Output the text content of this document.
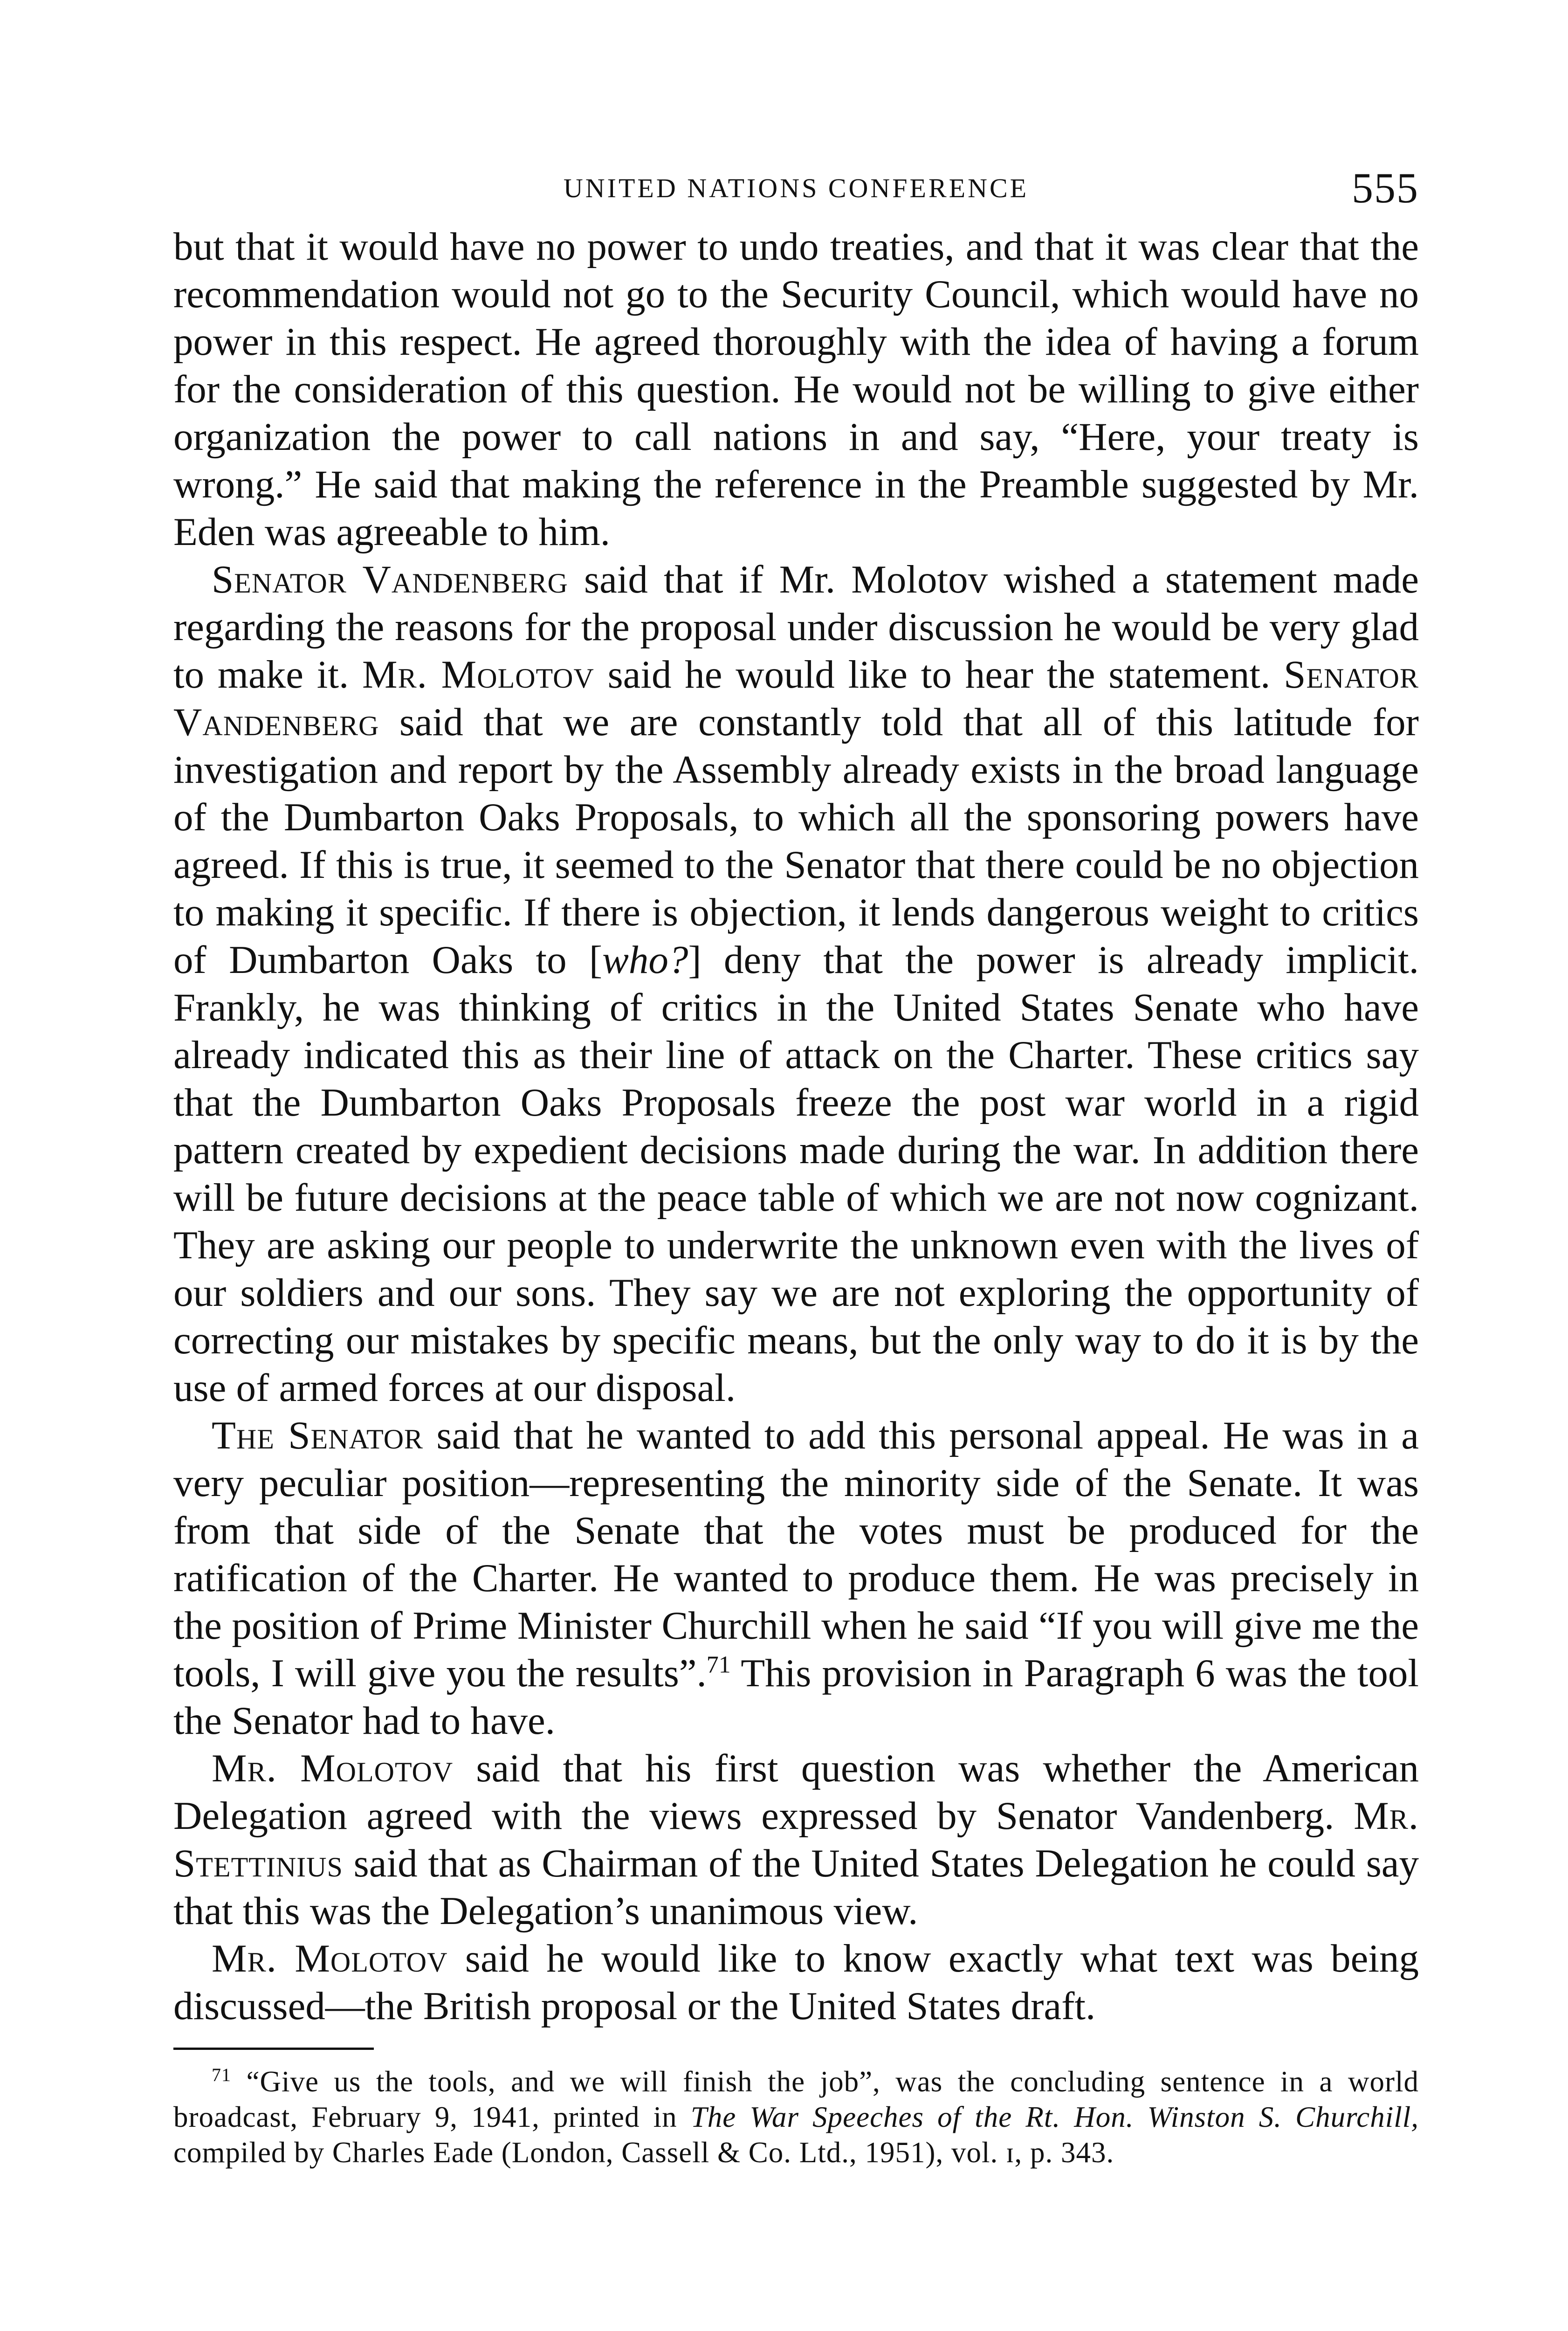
UNITED NATIONS CONFERENCE	555

but that it would have no power to undo treaties, and that it was clear that the recommendation would not go to the Security Council, which would have no power in this respect. He agreed thoroughly with the idea of having a forum for the consideration of this question. He would not be willing to give either organization the power to call nations in and say, “Here, your treaty is wrong.” He said that making the reference in the Preamble suggested by Mr. Eden was agreeable to him.

Senator Vandenberg said that if Mr. Molotov wished a statement made regarding the reasons for the proposal under discussion he would be very glad to make it. Mr. Molotov said he would like to hear the statement. Senator Vandenberg said that we are constantly told that all of this latitude for investigation and report by the Assembly already exists in the broad language of the Dumbarton Oaks Proposals, to which all the sponsoring powers have agreed. If this is true, it seemed to the Senator that there could be no objection to making it specific. If there is objection, it lends dangerous weight to critics of Dumbarton Oaks to [who?] deny that the power is already implicit. Frankly, he was thinking of critics in the United States Senate who have already indicated this as their line of attack on the Charter. These critics say that the Dumbarton Oaks Proposals freeze the post war world in a rigid pattern created by expedient decisions made during the war. In addition there will be future decisions at the peace table of which we are not now cognizant. They are asking our people to underwrite the unknown even with the lives of our soldiers and our sons. They say we are not exploring the opportunity of correcting our mistakes by specific means, but the only way to do it is by the use of armed forces at our disposal.

The Senator said that he wanted to add this personal appeal. He was in a very peculiar position—representing the minority side of the Senate. It was from that side of the Senate that the votes must be produced for the ratification of the Charter. He wanted to produce them. He was precisely in the position of Prime Minister Churchill when he said “If you will give me the tools, I will give you the results”.$^{71}$ This provision in Paragraph 6 was the tool the Senator had to have.

Mr. Molotov said that his first question was whether the American Delegation agreed with the views expressed by Senator Vandenberg. Mr. Stettinius said that as Chairman of the United States Delegation he could say that this was the Delegation’s unanimous view.

Mr. Molotov said he would like to know exactly what text was being discussed—the British proposal or the United States draft.

$^{71}$ “Give us the tools, and we will finish the job”, was the concluding sentence in a world broadcast, February 9, 1941, printed in The War Speeches of the Rt. Hon. Winston S. Churchill, compiled by Charles Eade (London, Cassell & Co. Ltd., 1951), vol. ɪ, p. 343.
